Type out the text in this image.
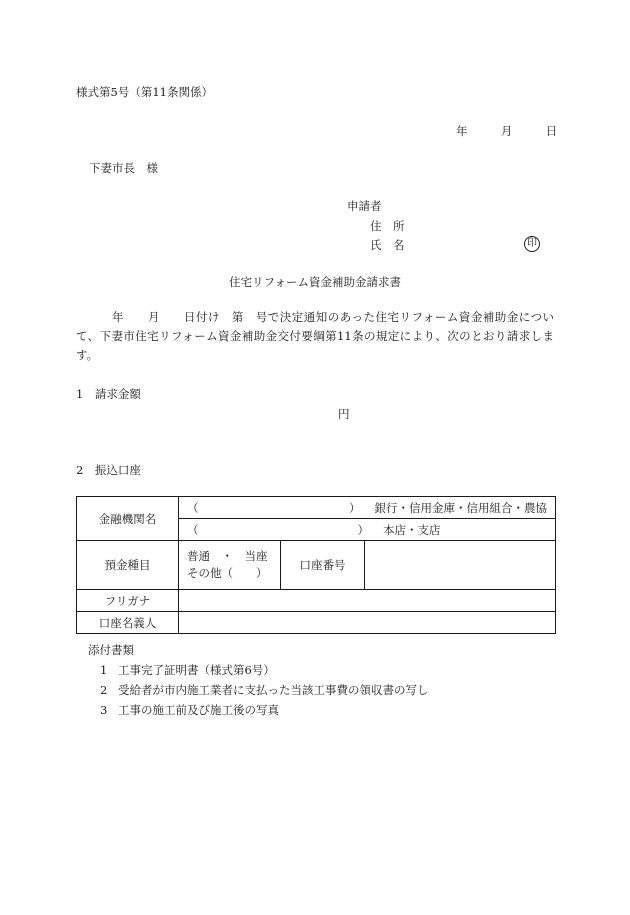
様式第5号（第11条関係）
年	月	日
下妻市長　様
申請者
住　所
氏　名	印
住宅リフォーム資金補助金請求書
年　　月　　日付け　第　号で決定通知のあった住宅リフォーム資金補助金について、下妻市住宅リフォーム資金補助金交付要綱第11条の規定により、次のとおり請求します。
1　請求金額
円
2　振込口座
金融機関名	（ ） 銀行・信用金庫・信用組合・農協		

	（ ） 本店・支店		

預金種目	普通　・　当座
その他（　　）	口座番号	
フリガナ			
口座名義人			
添付書類
1 工事完了証明書（様式第6号）
2 受給者が市内施工業者に支払った当該工事費の領収書の写し
3 工事の施工前及び施工後の写真
